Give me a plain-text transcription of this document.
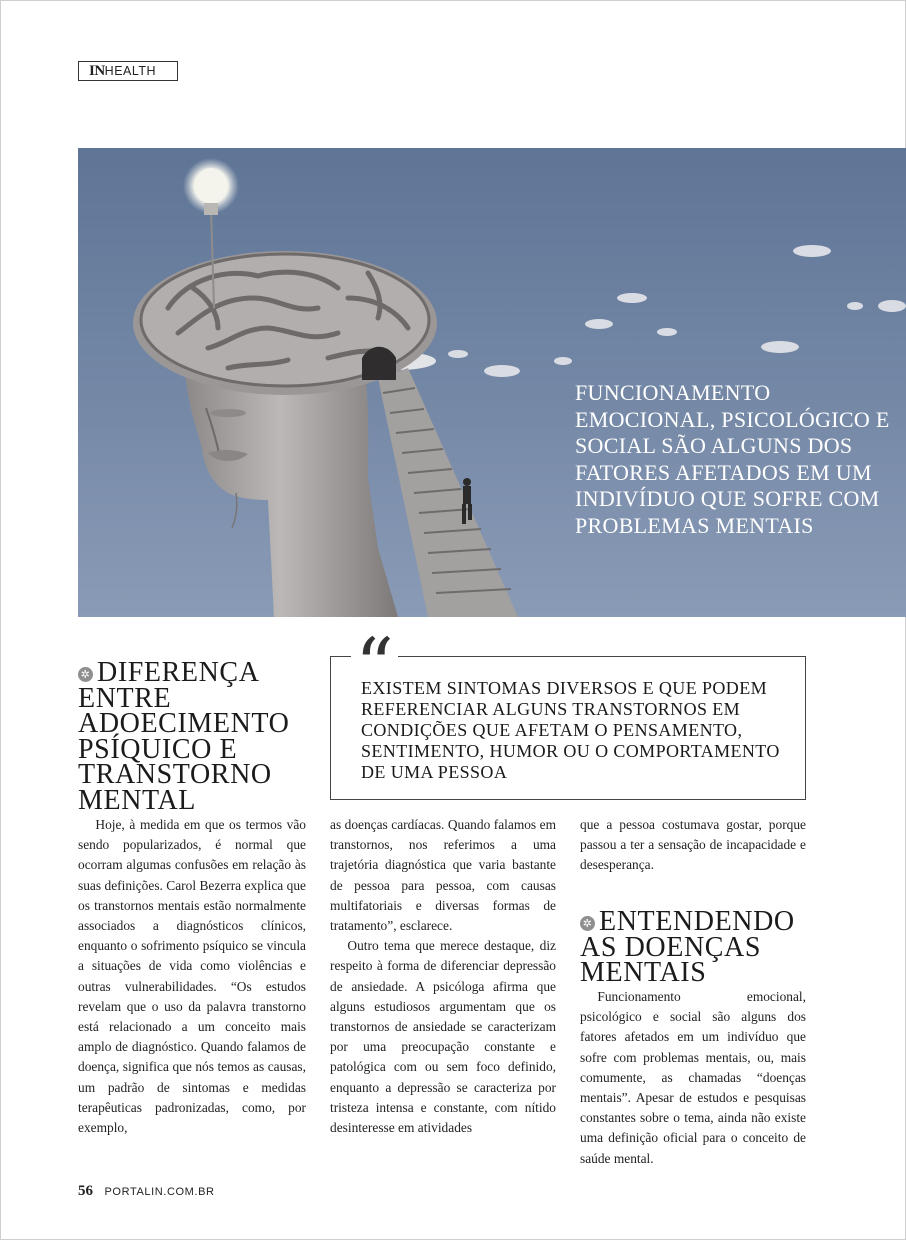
INHEALTH

FUNCIONAMENTO EMOCIONAL, PSICOLÓGICO E SOCIAL SÃO ALGUNS DOS FATORES AFETADOS EM UM INDIVÍDUO QUE SOFRE COM PROBLEMAS MENTAIS

✲ DIFERENÇA ENTRE ADOECIMENTO PSÍQUICO E TRANSTORNO MENTAL
“

EXISTEM SINTOMAS DIVERSOS E QUE PODEM REFERENCIAR ALGUNS TRANSTORNOS EM CONDIÇÕES QUE AFETAM O PENSAMENTO, SENTIMENTO, HUMOR OU O COMPORTAMENTO DE UMA PESSOA

Hoje, à medida em que os termos vão sendo popularizados, é normal que ocorram algumas confusões em relação às suas definições. Carol Bezerra explica que os transtornos mentais estão normalmente associados a diagnósticos clínicos, enquanto o sofrimento psíquico se vincula a situações de vida como violências e outras vulnerabilidades. “Os estudos revelam que o uso da palavra transtorno está relacionado a um conceito mais amplo de diagnóstico. Quando falamos de doença, significa que nós temos as causas, um padrão de sintomas e medidas terapêuticas padronizadas, como, por exemplo,

as doenças cardíacas. Quando falamos em transtornos, nos referimos a uma trajetória diagnóstica que varia bastante de pessoa para pessoa, com causas multifatoriais e diversas formas de tratamento”, esclarece.

Outro tema que merece destaque, diz respeito à forma de diferenciar depressão de ansiedade. A psicóloga afirma que alguns estudiosos argumentam que os transtornos de ansiedade se caracterizam por uma preocupação constante e patológica com ou sem foco definido, enquanto a depressão se caracteriza por tristeza intensa e constante, com nítido desinteresse em atividades

que a pessoa costumava gostar, porque passou a ter a sensação de incapacidade e desesperança.

✲ ENTENDENDO AS DOENÇAS MENTAIS

Funcionamento emocional, psicológico e social são alguns dos fatores afetados em um indivíduo que sofre com problemas mentais, ou, mais comumente, as chamadas “doenças mentais”. Apesar de estudos e pesquisas constantes sobre o tema, ainda não existe uma definição oficial para o conceito de saúde mental.

56 PORTALIN.COM.BR
